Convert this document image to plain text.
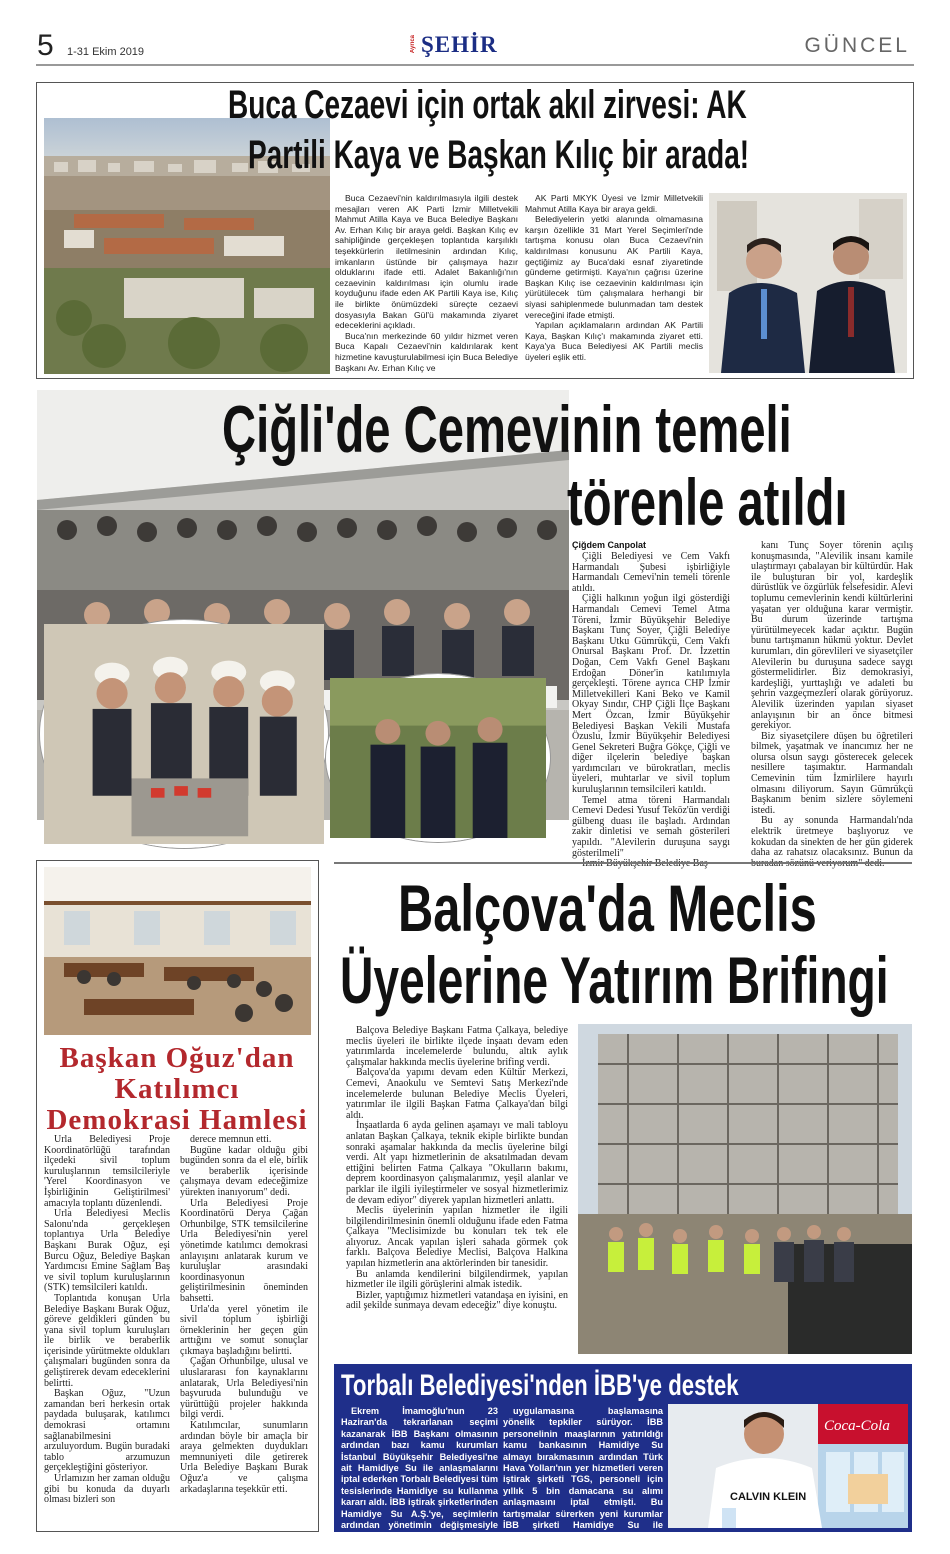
5 1-31 Ekim 2019	Ayrıca ŞEHİR	GÜNCEL
Buca Cezaevi için ortak akıl zirvesi: AK
Partili Kaya ve Başkan Kılıç bir arada!

Buca Cezaevi'nin kaldırılmasıyla ilgili destek mesajları veren AK Parti İzmir Milletvekili Mahmut Atilla Kaya ve Buca Belediye Başkanı Av. Erhan Kılıç bir araya geldi. Başkan Kılıç ev sahipliğinde gerçekleşen toplantıda karşılıklı teşekkürlerin iletilmesinin ardından Kılıç, imkanların üstünde bir çalışmaya hazır olduklarını ifade etti. Adalet Bakanlığı'nın cezaevinin kaldırılması için olumlu irade koyduğunu ifade eden AK Partili Kaya ise, Kılıç ile birlikte önümüzdeki süreçte cezaevi dosyasıyla Bakan Gül'ü makamında ziyaret edeceklerini açıkladı.

Buca'nın merkezinde 60 yıldır hizmet veren Buca Kapalı Cezaevi'nin kaldırılarak kent hizmetine kavuşturulabilmesi için Buca Belediye Başkanı Av. Erhan Kılıç ve

AK Parti MKYK Üyesi ve İzmir Milletvekili Mahmut Atilla Kaya bir araya geldi.

Belediyelerin yetki alanında olmamasına karşın özellikle 31 Mart Yerel Seçimleri'nde tartışma konusu olan Buca Cezaevi'nin kaldırılması konusunu AK Partili Kaya, geçtiğimiz ay Buca'daki esnaf ziyaretinde gündeme getirmişti. Kaya'nın çağrısı üzerine Başkan Kılıç ise cezaevinin kaldırılması için yürütülecek tüm çalışmalara herhangi bir siyasi sahiplenmede bulunmadan tam destek vereceğini ifade etmişti.

Yapılan açıklamaların ardından AK Partili Kaya, Başkan Kılıç'ı makamında ziyaret etti. Kaya'ya Buca Belediyesi AK Partili meclis üyeleri eşlik etti.

Çiğli'de Cemevinin temeli
törenle atıldı
Çiğdem Canpolat

Çiğli Belediyesi ve Cem Vakfı Harmandalı Şubesi işbirliğiyle Harmandalı Cemevi'nin temeli törenle atıldı.

Çiğli halkının yoğun ilgi gösterdiği Harmandalı Cemevi Temel Atma Töreni, İzmir Büyükşehir Belediye Başkanı Tunç Soyer, Çiğli Belediye Başkanı Utku Gümrükçü, Cem Vakfı Onursal Başkanı Prof. Dr. İzzettin Doğan, Cem Vakfı Genel Başkanı Erdoğan Döner'in katılımıyla gerçekleşti. Törene ayrıca CHP İzmir Milletvekilleri Kani Beko ve Kamil Okyay Sındır, CHP Çiğli İlçe Başkanı Mert Özcan, İzmir Büyükşehir Belediyesi Başkan Vekili Mustafa Özuslu, İzmir Büyükşehir Belediyesi Genel Sekreteri Buğra Gökçe, Çiğli ve diğer ilçelerin belediye başkan yardımcıları ve bürokratları, meclis üyeleri, muhtarlar ve sivil toplum kuruluşlarının temsilcileri katıldı.

Temel atma töreni Harmandalı Cemevi Dedesi Yusuf Teköz'ün verdiği gülbeng duası ile başladı. Ardından zakir dinletisi ve semah gösterileri yapıldı. "Alevilerin duruşuna saygı gösterilmeli"

kanı Tunç Soyer törenin açılış konuşmasında, "Alevilik insanı kamile ulaştırmayı çabalayan bir kültürdür. Hak ile buluşturan bir yol, kardeşlik dürüstlük ve özgürlük felsefesidir. Alevi toplumu cemevlerinin kendi kültürlerini yaşatan yer olduğuna karar vermiştir. Bu durum üzerinde tartışma yürütülmeyecek kadar açıktır. Bugün bunu tartışmanın hükmü yoktur. Devlet kurumları, din görevlileri ve siyasetçiler Alevilerin bu duruşuna sadece saygı göstermelidirler. Biz demokrasiyi, kardeşliği, yurttaşlığı ve adaleti bu şehrin vazgeçmezleri olarak görüyoruz. Alevilik üzerinden yapılan siyaset anlayışının bir an önce bitmesi gerekiyor.

Biz siyasetçilere düşen bu öğretileri bilmek, yaşatmak ve inancımız her ne olursa olsun saygı gösterecek gelecek nesillere taşımaktır. Harmandalı Cemevinin tüm İzmirlilere hayırlı olmasını diliyorum. Sayın Gümrükçü Başkanım benim sizlere söylemeni istedi.

Bu ay sonunda Harmandalı'nda elektrik üretmeye başlıyoruz ve kokudan da sinekten de her gün giderek daha az rahatsız olacaksınız. Bunun da

Başkan Oğuz'dan Katılımcı Demokrasi Hamlesi

Urla Belediyesi Proje Koordinatörlüğü tarafından ilçedeki sivil toplum kuruluşlarının temsilcileriyle 'Yerel Koordinasyon ve İşbirliğinin Geliştirilmesi' amacıyla toplantı düzenlendi.

Urla Belediyesi Meclis Salonu'nda gerçekleşen toplantıya Urla Belediye Başkanı Burak Oğuz, eşi Burcu Oğuz, Belediye Başkan Yardımcısı Emine Sağlam Baş ve sivil toplum kuruluşlarının (STK) temsilcileri katıldı.

Toplantıda konuşan Urla Belediye Başkanı Burak Oğuz, göreve geldikleri günden bu yana sivil toplum kuruluşları ile birlik ve beraberlik içerisinde yürütmekte oldukları çalışmaları bugünden sonra da geliştirerek devam edeceklerini belirtti.

Başkan Oğuz, "Uzun zamandan beri herkesin ortak paydada buluşarak, katılımcı demokrasi ortamını sağlanabilmesini arzuluyordum. Bugün buradaki tablo arzumuzun gerçekleştiğini gösteriyor.

Urlamızın her zaman olduğu gibi bu konuda da duyarlı olması bizleri son

derece memnun etti.

Bugüne kadar olduğu gibi bugünden sonra da el ele, birlik ve beraberlik içerisinde çalışmaya devam edeceğimize yürekten inanıyorum" dedi.

Urla Belediyesi Proje Koordinatörü Derya Çağan Orhunbilge, STK temsilcilerine Urla Belediyesi'nin yerel yönetimde katılımcı demokrasi anlayışını anlatarak kurum ve kuruluşlar arasındaki koordinasyonun geliştirilmesinin öneminden bahsetti.

Urla'da yerel yönetim ile sivil toplum işbirliği örneklerinin her geçen gün arttığını ve somut sonuçlar çıkmaya başladığını belirtti.

Çağan Orhunbilge, ulusal ve uluslararası fon kaynaklarını anlatarak, Urla Belediyesi'nin başvuruda bulunduğu ve yürüttüğü projeler hakkında bilgi verdi.

Katılımcılar, sunumların ardından böyle bir amaçla bir araya gelmekten duydukları memnuniyeti dile getirerek Urla Belediye Başkanı Burak Oğuz'a ve çalışma arkadaşlarına teşekkür etti.

Balçova'da Meclis
Üyelerine Yatırım Brifingi

Balçova Belediye Başkanı Fatma Çalkaya, belediye meclis üyeleri ile birlikte ilçede inşaatı devam eden yatırımlarda incelemelerde bulundu, altık aylık çalışmalar hakkında meclis üyelerine brifing verdi.

Balçova'da yapımı devam eden Kültür Merkezi, Cemevi, Anaokulu ve Semtevi Satış Merkezi'nde incelemelerde bulunan Belediye Meclis Üyeleri, yatırımlar ile ilgili Başkan Fatma Çalkaya'dan bilgi aldı.

İnşaatlarda 6 ayda gelinen aşamayı ve mali tabloyu anlatan Başkan Çalkaya, teknik ekiple birlikte bundan sonraki aşamalar hakkında da meclis üyelerine bilgi verdi. Alt yapı hizmetlerinin de aksatılmadan devam ettiğini belirten Fatma Çalkaya "Okulların bakımı, deprem koordinasyon çalışmalarımız, yeşil alanlar ve parklar ile ilgili iyileştirmeler ve sosyal hizmetlerimiz de devam ediyor" diyerek yapılan hizmetleri anlattı.

Meclis üyelerinin yapılan hizmetler ile ilgili bilgilendirilmesinin önemli olduğunu ifade eden Fatma Çalkaya "Meclisimizde bu konuları tek tek ele alıyoruz. Ancak yapılan işleri sahada görmek çok farklı. Balçova Belediye Meclisi, Balçova Halkına yapılan hizmetlerin ana aktörlerinden bir tanesidir.

Bu anlamda kendilerini bilgilendirmek, yapılan hizmetler ile ilgili görüşlerini almak istedik.

Bizler, yaptığımız hizmetleri vatandaşa en iyisini, en adil şekilde sunmaya devam edeceğiz" diye konuştu.

Torbalı Belediyesi'nden İBB'ye destek

Ekrem İmamoğlu'nun 23 Haziran'da tekrarlanan seçimi kazanarak İBB Başkanı olmasının ardından bazı kamu kurumları İstanbul Büyükşehir Belediyesi'ne ait Hamidiye Su ile anlaşmalarını iptal ederken Torbalı Belediyesi tüm tesislerinde Hamidiye su kullanma kararı aldı. İBB iştirak şirketlerinden Hamidiye Su A.Ş.'ye, seçimlerin ardından yönetimin değişmesiyle bazı kamu kurumlarının ambargo

uygulamasına başlamasına yönelik tepkiler sürüyor. İBB personelinin maaşlarının yatırıldığı kamu bankasının Hamidiye Su almayı bırakmasının ardından Türk Hava Yolları'nın yer hizmetleri veren iştirak şirketi TGS, personeli için yıllık 5 bin damacana su alımı anlaşmasını iptal etmişti. Bu tartışmalar sürerken yeni kurumlar İBB şirketi Hamidiye Su ile anlaşmaya başladı. Bunlardan biri de Torbalı Belediyesi oldu.

Coca-Cola
CALVIN KLEIN
